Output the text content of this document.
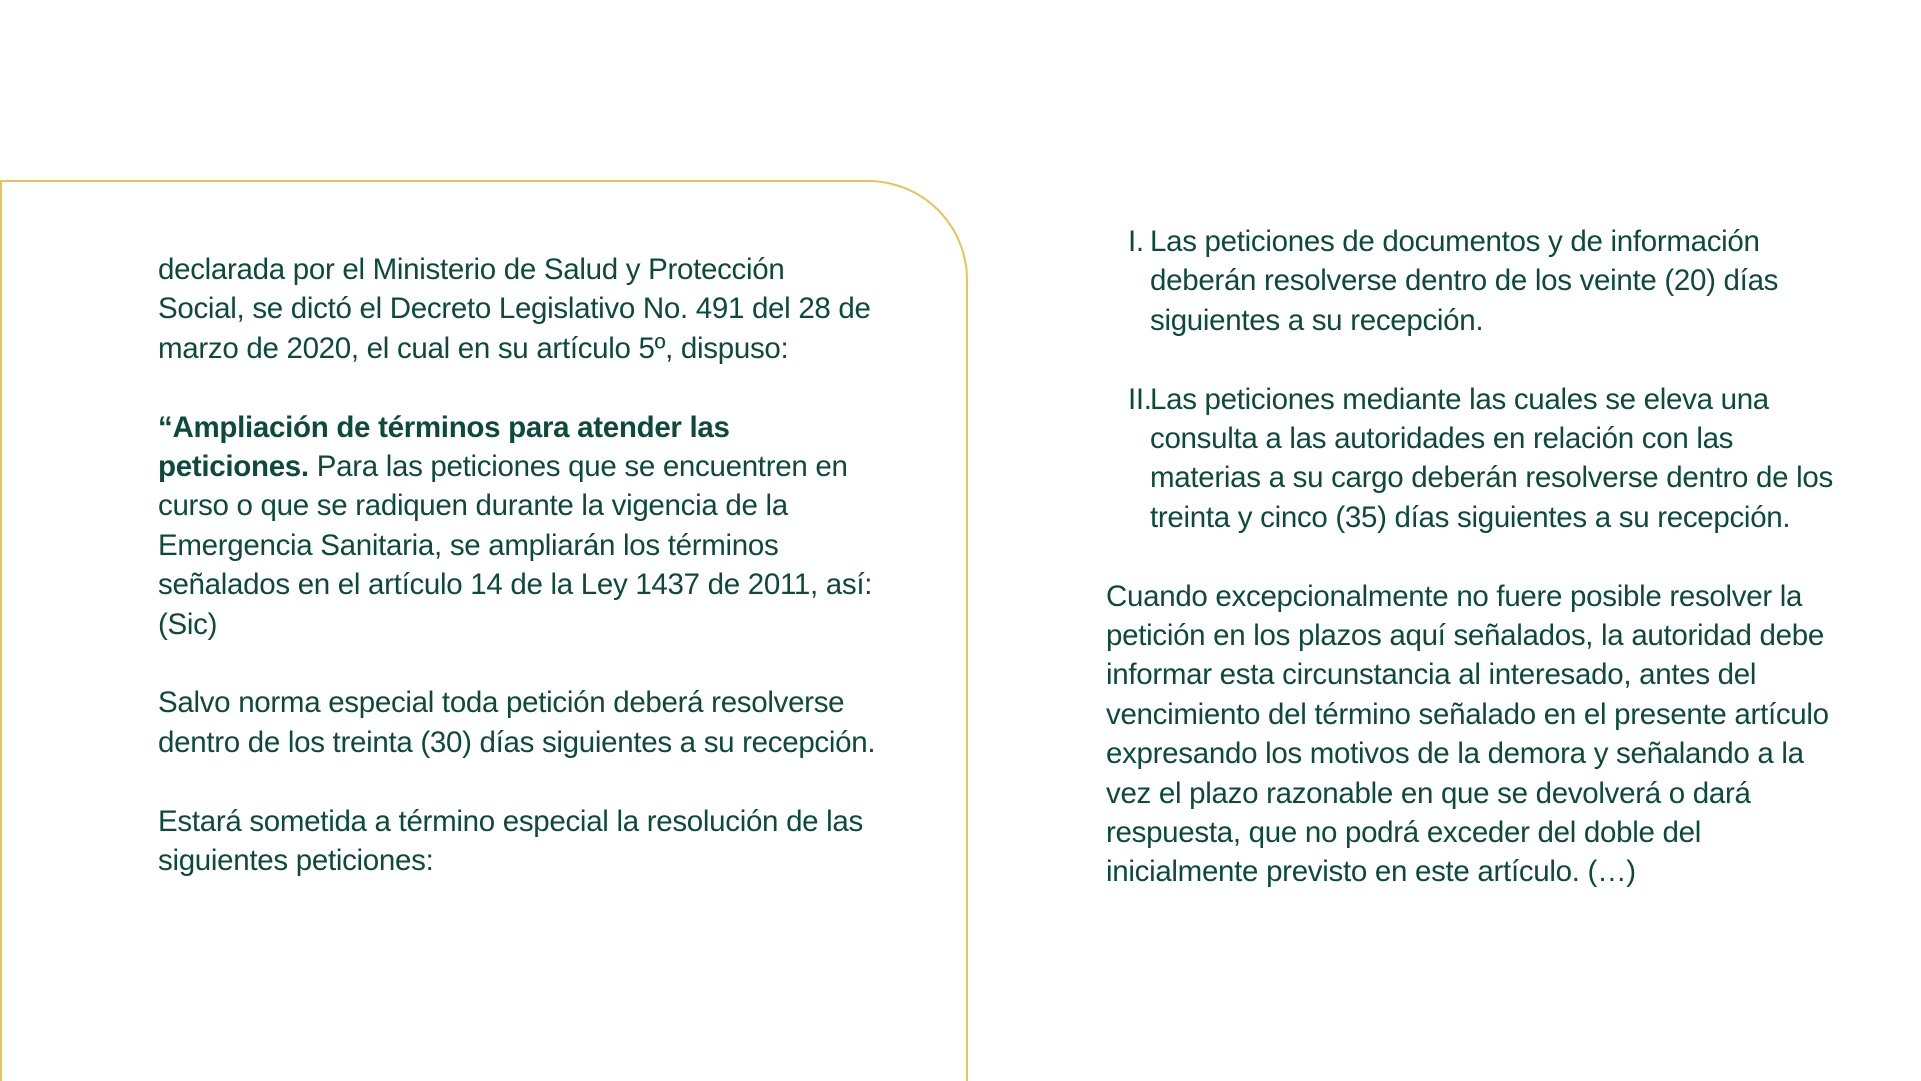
declarada por el Ministerio de Salud y Protección Social, se dictó el Decreto Legislativo No. 491 del 28 de marzo de 2020, el cual en su artículo 5º, dispuso:

“Ampliación de términos para atender las peticiones. Para las peticiones que se encuentren en curso o que se radiquen durante la vigencia de la Emergencia Sanitaria, se ampliarán los términos señalados en el artículo 14 de la Ley 1437 de 2011, así: (Sic)

Salvo norma especial toda petición deberá resolverse dentro de los treinta (30) días siguientes a su recepción.

Estará sometida a término especial la resolución de las siguientes peticiones:

I. Las peticiones de documentos y de información deberán resolverse dentro de los veinte (20) días siguientes a su recepción.

II.
Las peticiones mediante las cuales se eleva una consulta a las autoridades en relación con las materias a su cargo deberán resolverse dentro de los treinta y cinco (35) días siguientes a su recepción.

Cuando excepcionalmente no fuere posible resolver la petición en los plazos aquí señalados, la autoridad debe informar esta circunstancia al interesado, antes del vencimiento del término señalado en el presente artículo expresando los motivos de la demora y señalando a la vez el plazo razonable en que se devolverá o dará respuesta, que no podrá exceder del doble del inicialmente previsto en este artículo. (…)
